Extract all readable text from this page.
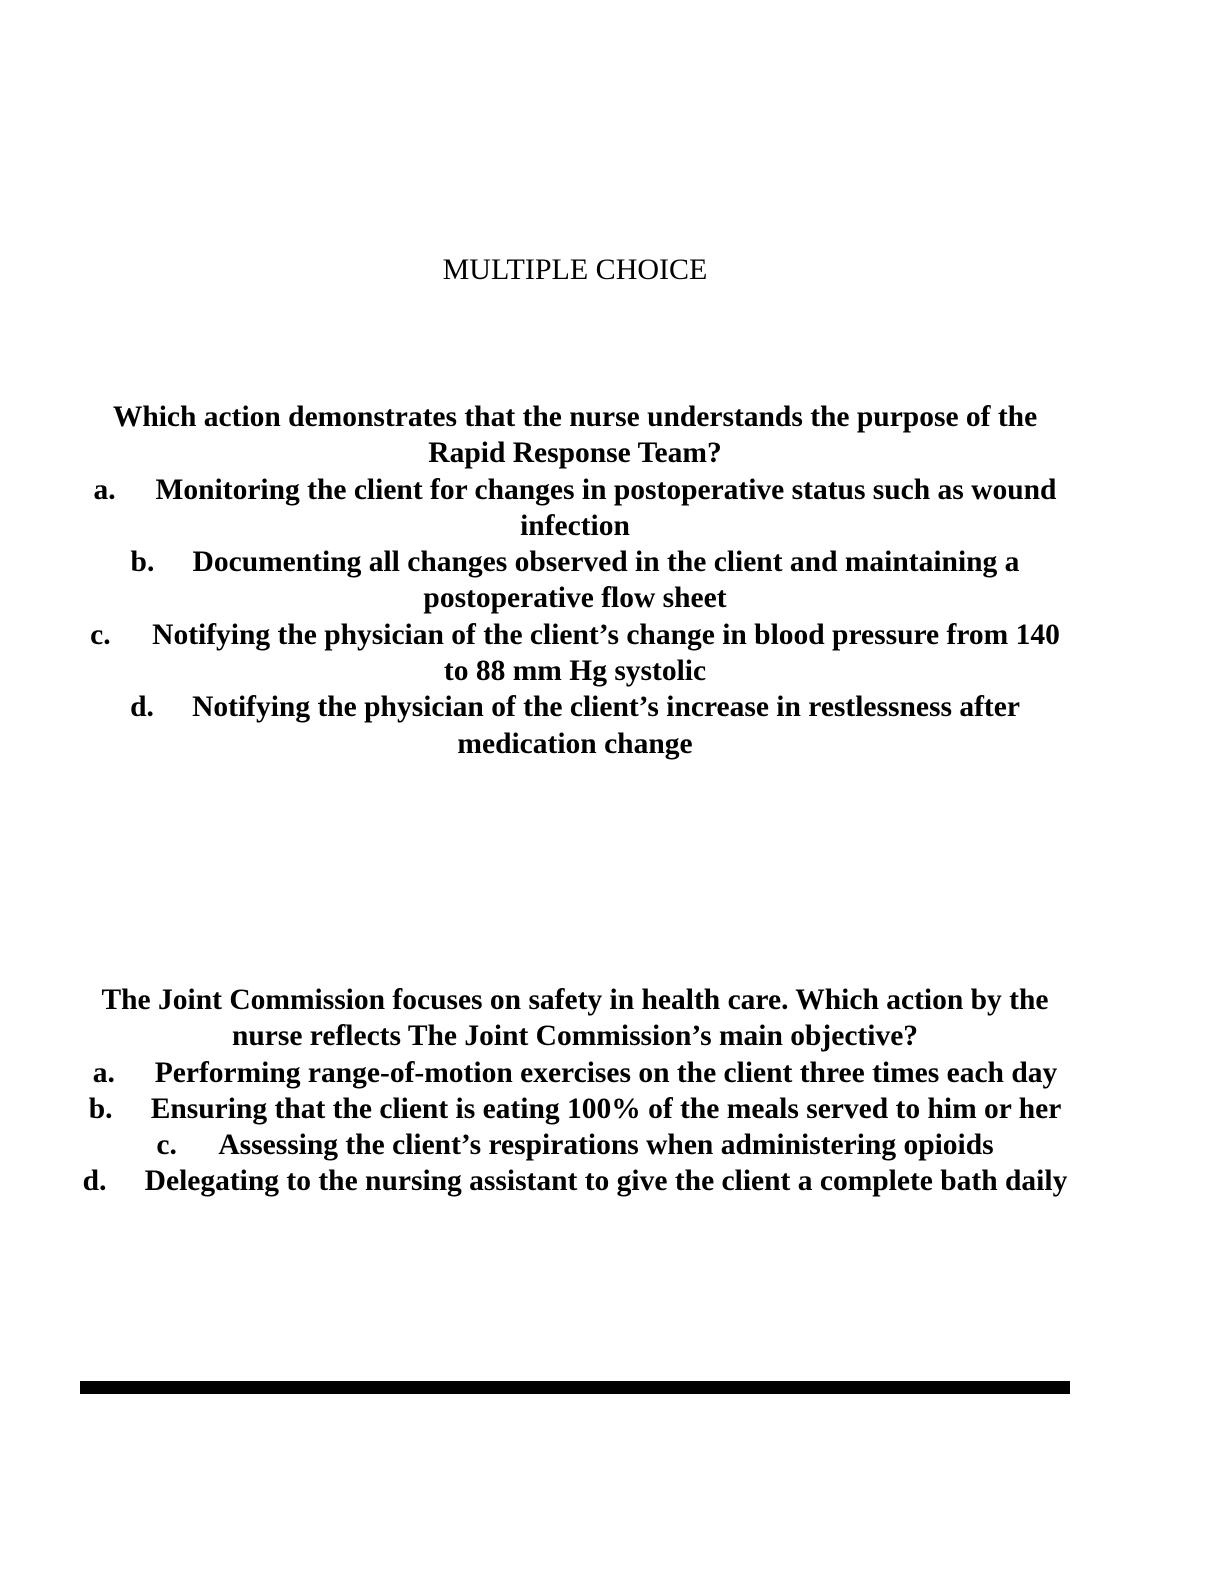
MULTIPLE CHOICE

Which action demonstrates that the nurse understands the purpose of the Rapid Response Team?

a. Monitoring the client for changes in postoperative status such as wound infection

b. Documenting all changes observed in the client and maintaining a postoperative flow sheet

c. Notifying the physician of the client’s change in blood pressure from 140 to 88 mm Hg systolic

d. Notifying the physician of the client’s increase in restlessness after medication change

The Joint Commission focuses on safety in health care. Which action by the nurse reflects The Joint Commission’s main objective?

a. Performing range-of-motion exercises on the client three times each day

b. Ensuring that the client is eating 100% of the meals served to him or her

c. Assessing the client’s respirations when administering opioids

d. Delegating to the nursing assistant to give the client a complete bath daily
